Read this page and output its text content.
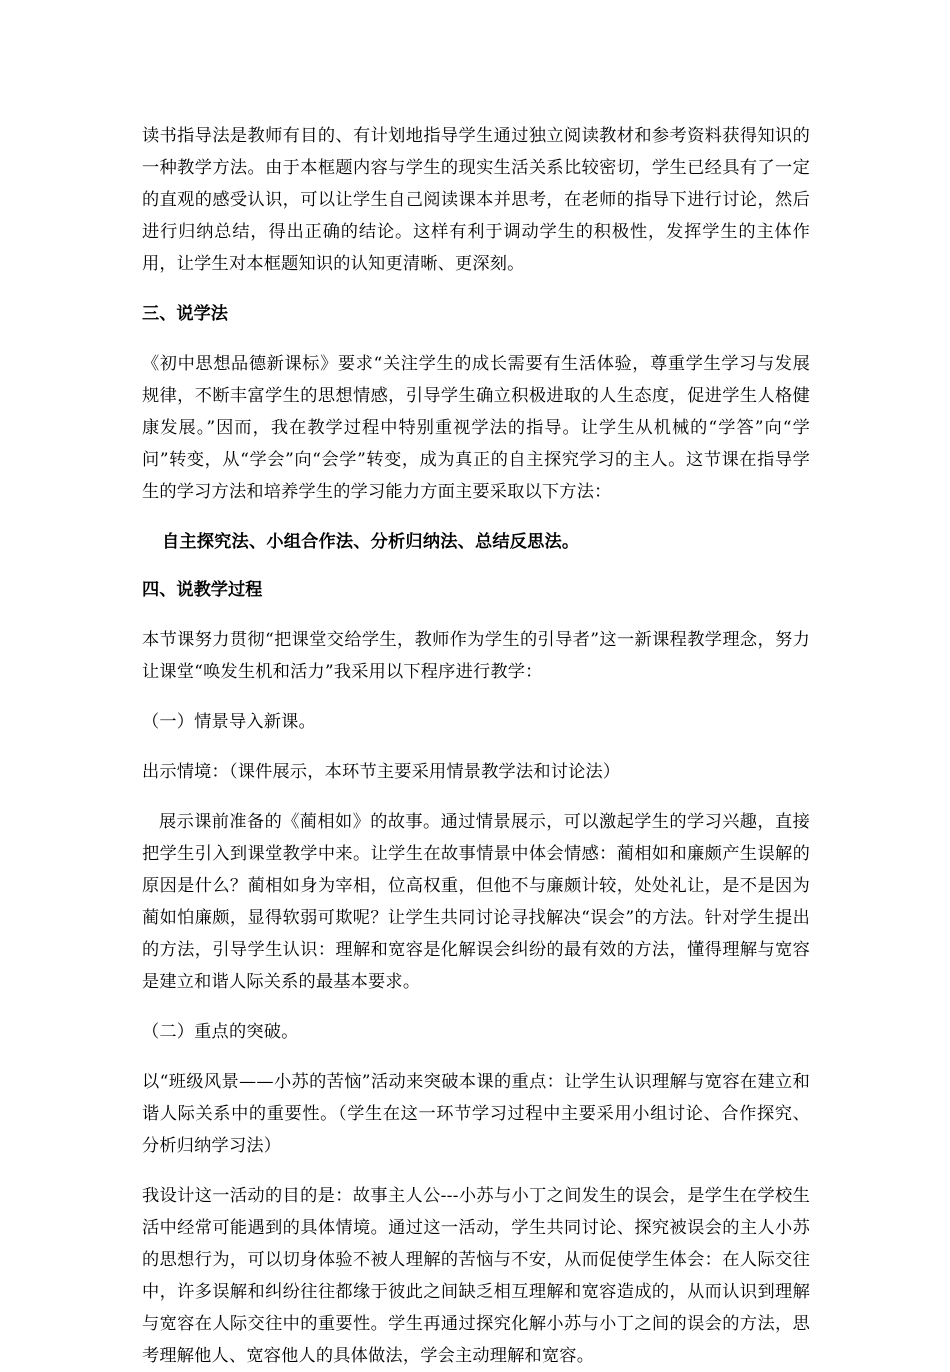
读书指导法是教师有目的、有计划地指导学生通过独立阅读教材和参考资料获得知识的一种教学方法。由于本框题内容与学生的现实生活关系比较密切，学生已经具有了一定的直观的感受认识，可以让学生自己阅读课本并思考，在老师的指导下进行讨论，然后进行归纳总结，得出正确的结论。这样有利于调动学生的积极性，发挥学生的主体作用，让学生对本框题知识的认知更清晰、更深刻。

三、说学法

《初中思想品德新课标》要求“关注学生的成长需要有生活体验，尊重学生学习与发展规律，不断丰富学生的思想情感，引导学生确立积极进取的人生态度，促进学生人格健康发展。”因而，我在教学过程中特别重视学法的指导。让学生从机械的“学答”向“学问”转变，从“学会”向“会学”转变，成为真正的自主探究学习的主人。这节课在指导学生的学习方法和培养学生的学习能力方面主要采取以下方法：

自主探究法、小组合作法、分析归纳法、总结反思法。

四、说教学过程

本节课努力贯彻“把课堂交给学生，教师作为学生的引导者”这一新课程教学理念，努力让课堂“唤发生机和活力”我采用以下程序进行教学：

（一）情景导入新课。

出示情境：（课件展示，本环节主要采用情景教学法和讨论法）

展示课前准备的《蔺相如》的故事。通过情景展示，可以激起学生的学习兴趣，直接把学生引入到课堂教学中来。让学生在故事情景中体会情感：蔺相如和廉颇产生误解的原因是什么？蔺相如身为宰相，位高权重，但他不与廉颇计较，处处礼让，是不是因为蔺如怕廉颇，显得软弱可欺呢？让学生共同讨论寻找解决“误会”的方法。针对学生提出的方法，引导学生认识：理解和宽容是化解误会纠纷的最有效的方法，懂得理解与宽容是建立和谐人际关系的最基本要求。

（二）重点的突破。

以“班级风景——小苏的苦恼”活动来突破本课的重点：让学生认识理解与宽容在建立和谐人际关系中的重要性。（学生在这一环节学习过程中主要采用小组讨论、合作探究、分析归纳学习法）

我设计这一活动的目的是：故事主人公---小苏与小丁之间发生的误会，是学生在学校生活中经常可能遇到的具体情境。通过这一活动，学生共同讨论、探究被误会的主人小苏的思想行为，可以切身体验不被人理解的苦恼与不安，从而促使学生体会：在人际交往中，许多误解和纠纷往往都缘于彼此之间缺乏相互理解和宽容造成的，从而认识到理解与宽容在人际交往中的重要性。学生再通过探究化解小苏与小丁之间的误会的方法，思考理解他人、宽容他人的具体做法，学会主动理解和宽容。
